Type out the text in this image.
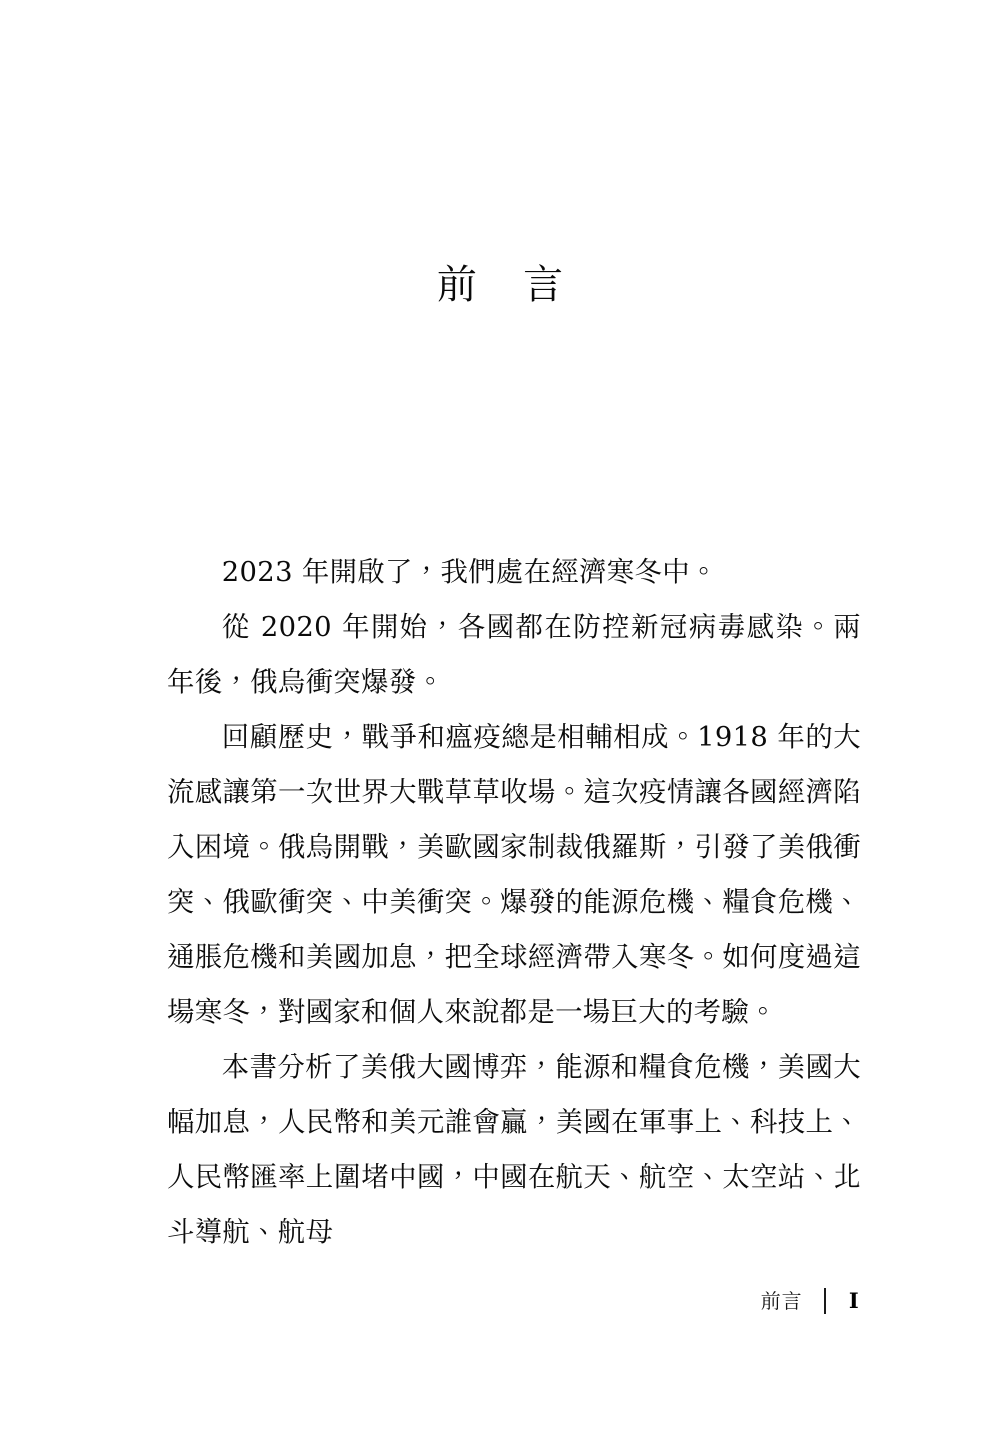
前 言

2023 年開啟了，我們處在經濟寒冬中。

從 2020 年開始，各國都在防控新冠病毒感染。兩年後，俄烏衝突爆發。

回顧歷史，戰爭和瘟疫總是相輔相成。1918 年的大流感讓第一次世界大戰草草收場。這次疫情讓各國經濟陷入困境。俄烏開戰，美歐國家制裁俄羅斯，引發了美俄衝突、俄歐衝突、中美衝突。爆發的能源危機、糧食危機、通脹危機和美國加息，把全球經濟帶入寒冬。如何度過這場寒冬，對國家和個人來說都是一場巨大的考驗。

本書分析了美俄大國博弈，能源和糧食危機，美國大幅加息，人民幣和美元誰會贏，美國在軍事上、科技上、人民幣匯率上圍堵中國，中國在航天、航空、太空站、北斗導航、航母

前言 I
